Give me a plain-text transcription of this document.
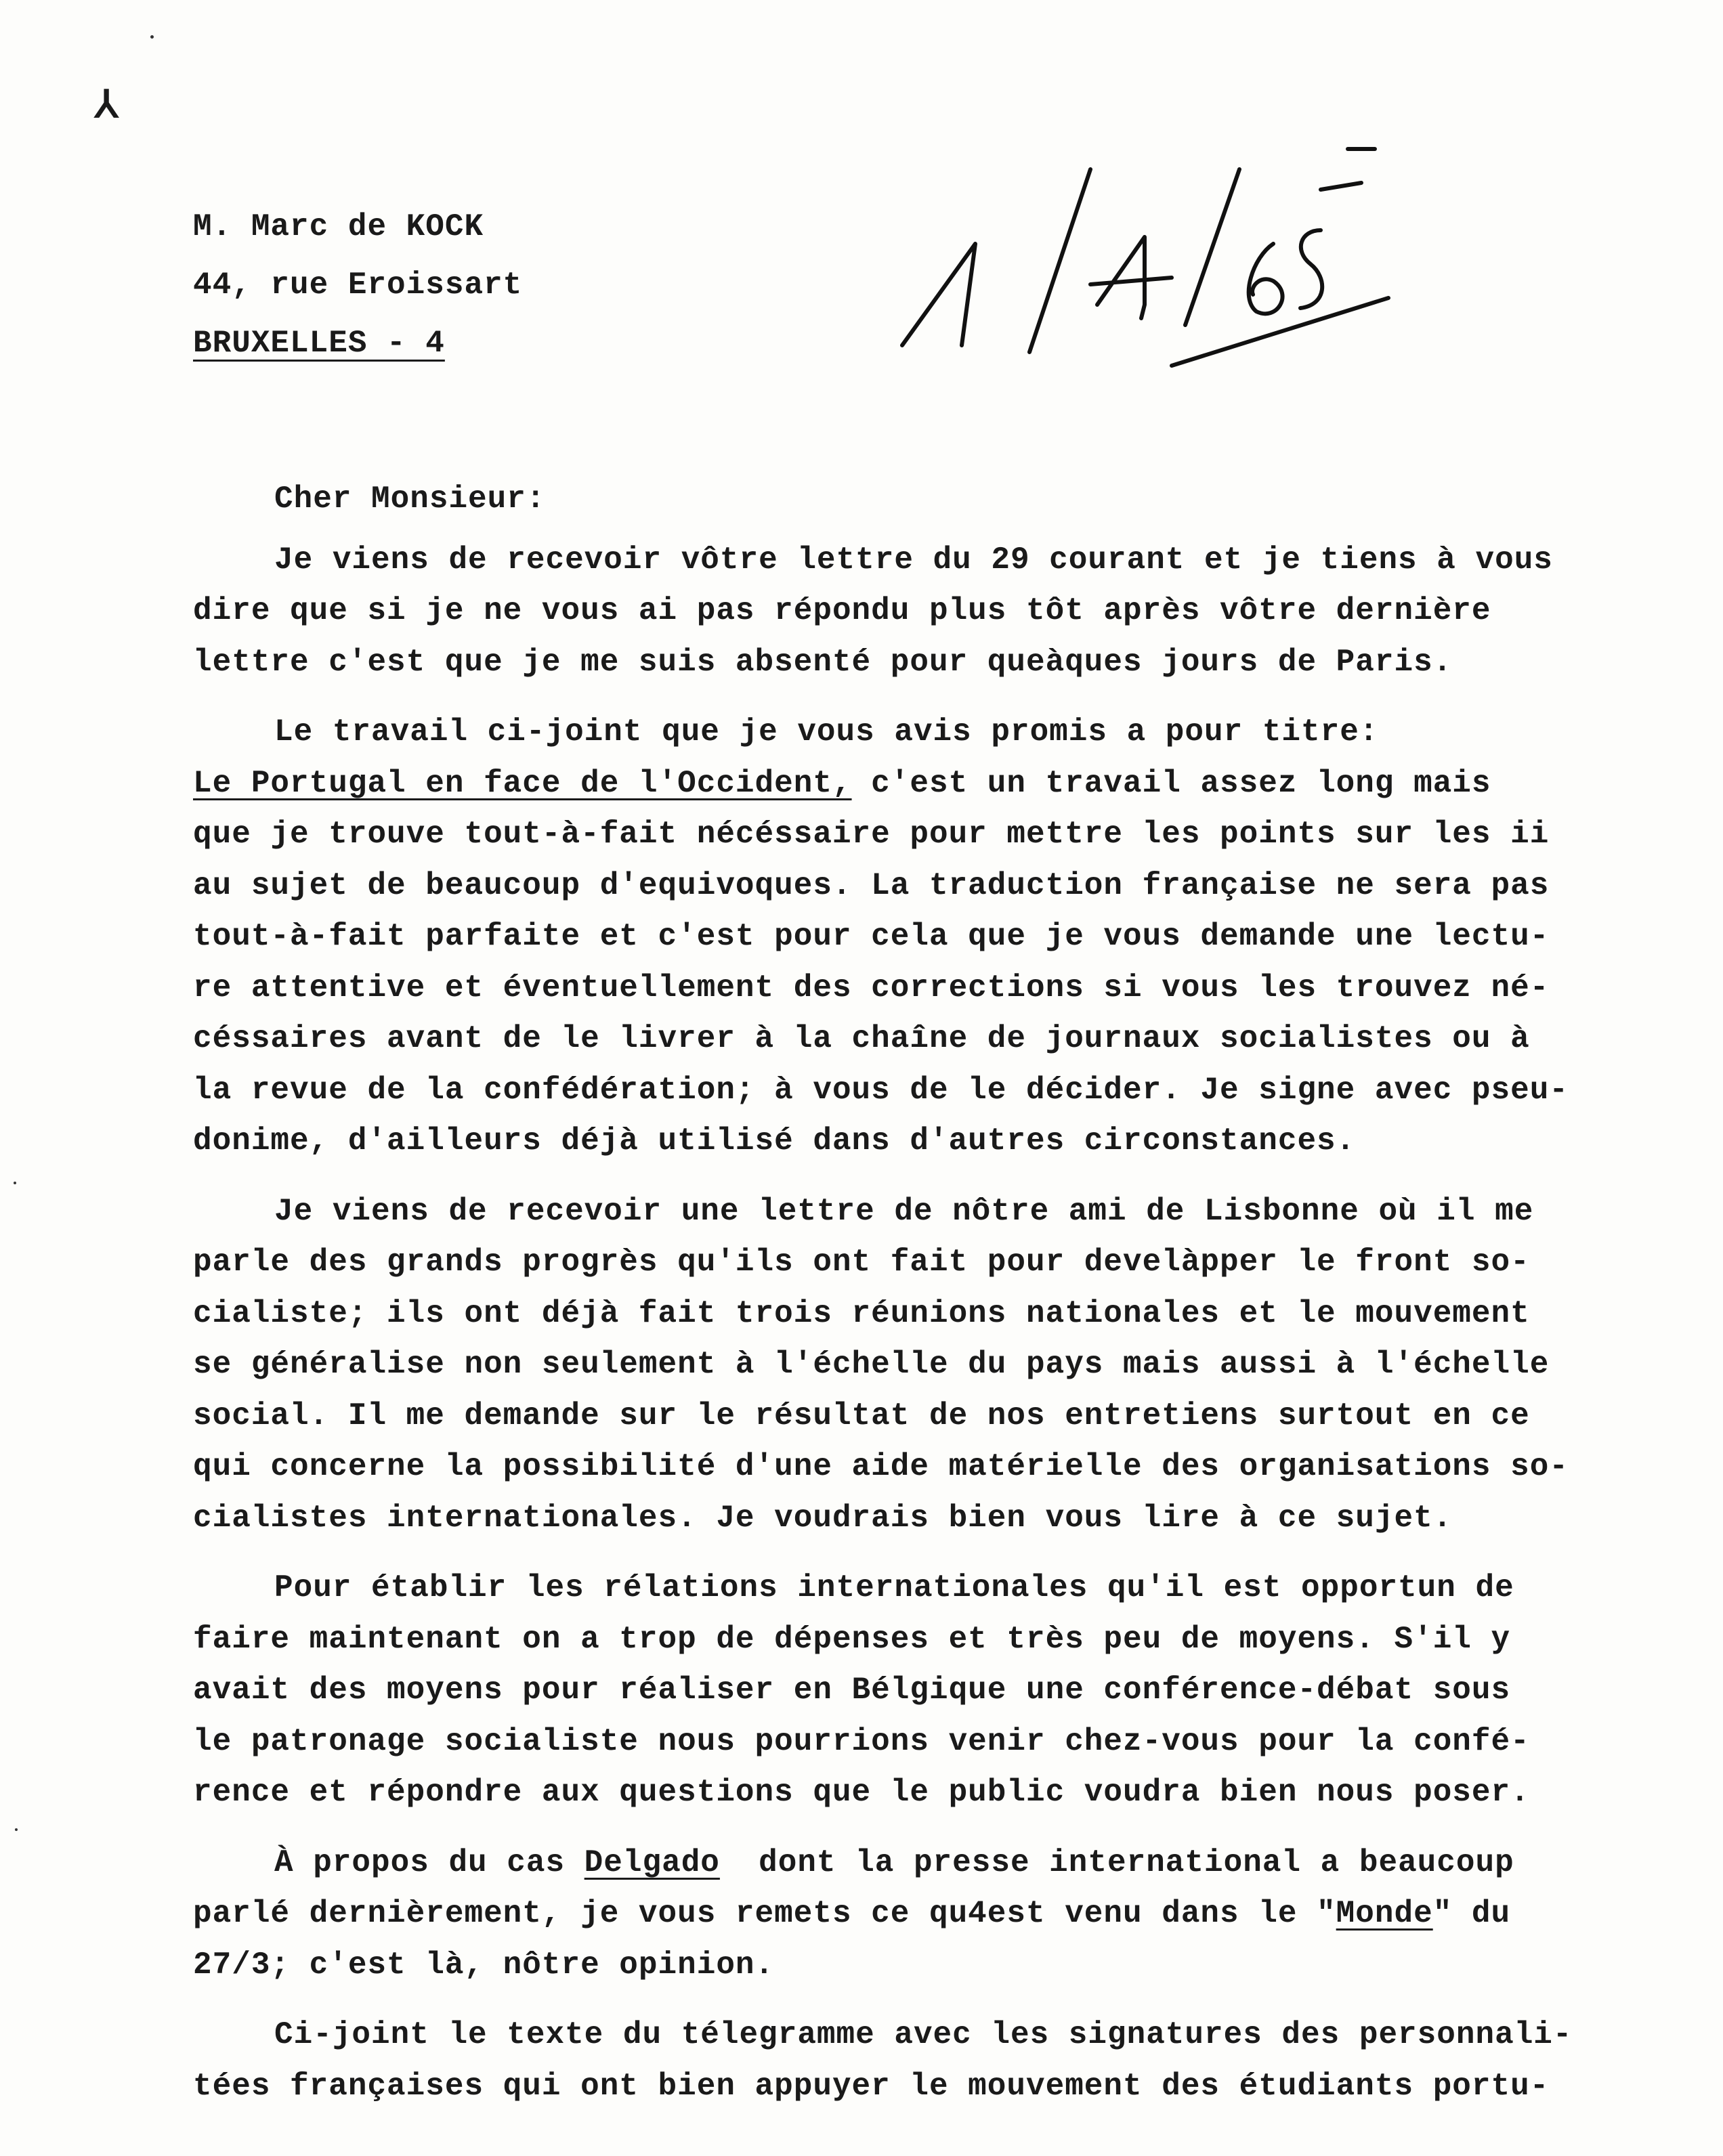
⅄
M. Marc de KOCK
44, rue Eroissart
BRUXELLES - 4
1/4/65
Cher Monsieur:
Je viens de recevoir vôtre lettre du 29 courant et je tiens à vous
dire que si je ne vous ai pas répondu plus tôt après vôtre dernière
lettre c'est que je me suis absenté pour queàques jours de Paris.
Le travail ci-joint que je vous avis promis a pour titre:
Le Portugal en face de l'Occident, c'est un travail assez long mais
que je trouve tout-à-fait nécéssaire pour mettre les points sur les ii
au sujet de beaucoup d'equivoques. La traduction française ne sera pas
tout-à-fait parfaite et c'est pour cela que je vous demande une lectu-
re attentive et éventuellement des corrections si vous les trouvez né-
céssaires avant de le livrer à la chaîne de journaux socialistes ou à
la revue de la confédération; à vous de le décider. Je signe avec pseu-
donime, d'ailleurs déjà utilisé dans d'autres circonstances.
Je viens de recevoir une lettre de nôtre ami de Lisbonne où il me
parle des grands progrès qu'ils ont fait pour develàpper le front so-
cialiste; ils ont déjà fait trois réunions nationales et le mouvement
se généralise non seulement à l'échelle du pays mais aussi à l'échelle
social. Il me demande sur le résultat de nos entretiens surtout en ce
qui concerne la possibilité d'une aide matérielle des organisations so-
cialistes internationales. Je voudrais bien vous lire à ce sujet.
Pour établir les rélations internationales qu'il est opportun de
faire maintenant on a trop de dépenses et très peu de moyens. S'il y
avait des moyens pour réaliser en Bélgique une conférence-débat sous
le patronage socialiste nous pourrions venir chez-vous pour la confé-
rence et répondre aux questions que le public voudra bien nous poser.
À propos du cas Delgado  dont la presse international a beaucoup
parlé dernièrement, je vous remets ce qu4est venu dans le "Monde" du
27/3; c'est là, nôtre opinion.
Ci-joint le texte du télegramme avec les signatures des personnali-
tées françaises qui ont bien appuyer le mouvement des étudiants portu-
